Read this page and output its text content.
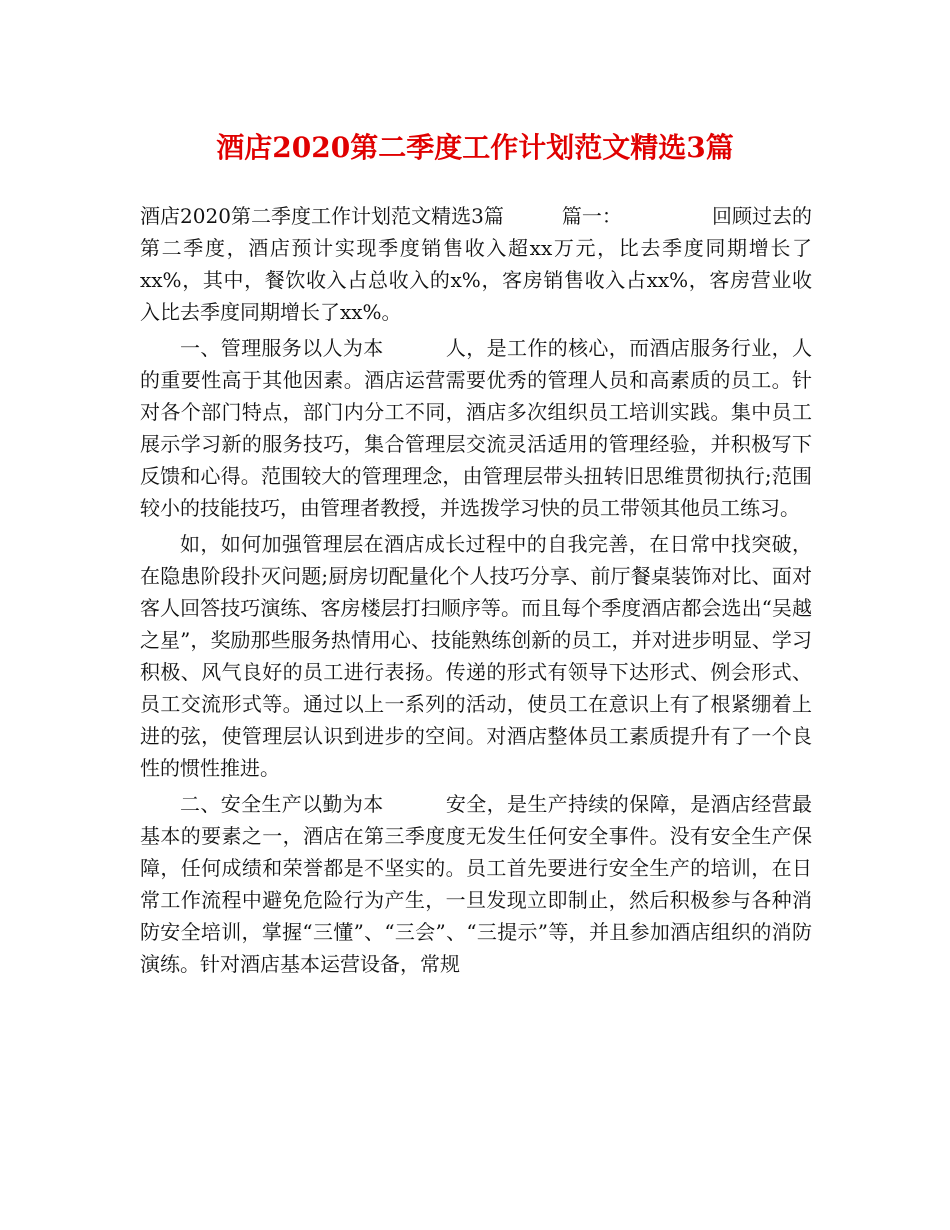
酒店2020第二季度工作计划范文精选3篇

酒店2020第二季度工作计划范文精选3篇	篇一：	回顾过去的第二季度，酒店预计实现季度销售收入超xx万元，比去季度同期增长了xx%，其中，餐饮收入占总收入的x%，客房销售收入占xx%，客房营业收入比去季度同期增长了xx%。

一、管理服务以人为本	人，是工作的核心，而酒店服务行业，人的重要性高于其他因素。酒店运营需要优秀的管理人员和高素质的员工。针对各个部门特点，部门内分工不同，酒店多次组织员工培训实践。集中员工展示学习新的服务技巧，集合管理层交流灵活适用的管理经验，并积极写下反馈和心得。范围较大的管理理念，由管理层带头扭转旧思维贯彻执行;范围较小的技能技巧，由管理者教授，并选拨学习快的员工带领其他员工练习。

如，如何加强管理层在酒店成长过程中的自我完善，在日常中找突破，在隐患阶段扑灭问题;厨房切配量化个人技巧分享、前厅餐桌装饰对比、面对客人回答技巧演练、客房楼层打扫顺序等。而且每个季度酒店都会选出“吴越之星”，奖励那些服务热情用心、技能熟练创新的员工，并对进步明显、学习积极、风气良好的员工进行表扬。传递的形式有领导下达形式、例会形式、员工交流形式等。通过以上一系列的活动，使员工在意识上有了根紧绷着上进的弦，使管理层认识到进步的空间。对酒店整体员工素质提升有了一个良性的惯性推进。

二、安全生产以勤为本	安全，是生产持续的保障，是酒店经营最基本的要素之一，酒店在第三季度度无发生任何安全事件。没有安全生产保障，任何成绩和荣誉都是不坚实的。员工首先要进行安全生产的培训，在日常工作流程中避免危险行为产生，一旦发现立即制止，然后积极参与各种消防安全培训，掌握“三懂”、“三会”、“三提示”等，并且参加酒店组织的消防演练。针对酒店基本运营设备，常规
